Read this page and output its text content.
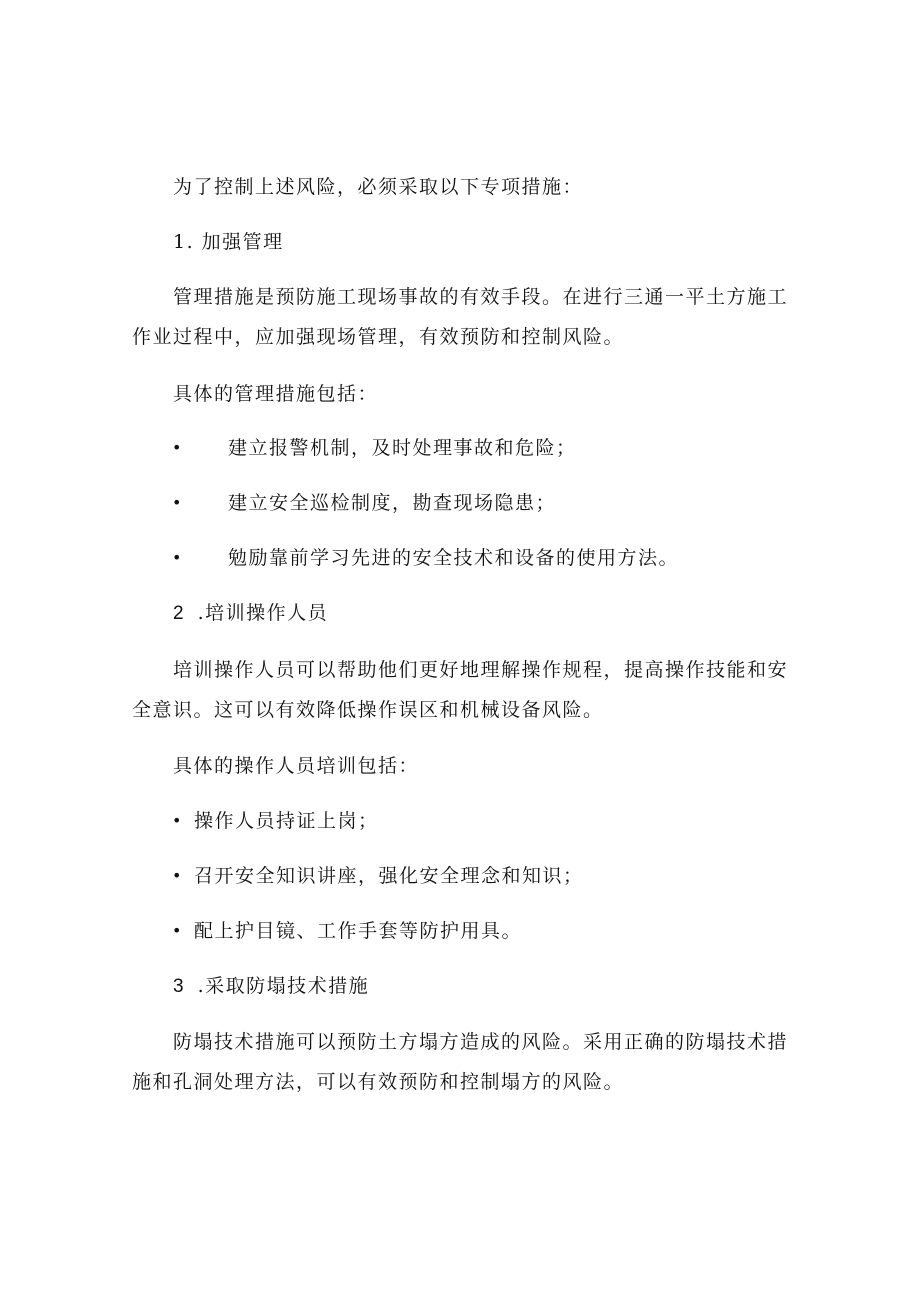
为了控制上述风险，必须采取以下专项措施：
1. 加强管理
管理措施是预防施工现场事故的有效手段。在进行三通一平土方施工
作业过程中，应加强现场管理，有效预防和控制风险。
具体的管理措施包括：
• 建立报警机制，及时处理事故和危险；
• 建立安全巡检制度，勘查现场隐患；
• 勉励靠前学习先进的安全技术和设备的使用方法。
2 .培训操作人员
培训操作人员可以帮助他们更好地理解操作规程，提高操作技能和安
全意识。这可以有效降低操作误区和机械设备风险。
具体的操作人员培训包括：
• 操作人员持证上岗；
• 召开安全知识讲座，强化安全理念和知识；
• 配上护目镜、工作手套等防护用具。
3 .采取防塌技术措施
防塌技术措施可以预防土方塌方造成的风险。采用正确的防塌技术措
施和孔洞处理方法，可以有效预防和控制塌方的风险。
